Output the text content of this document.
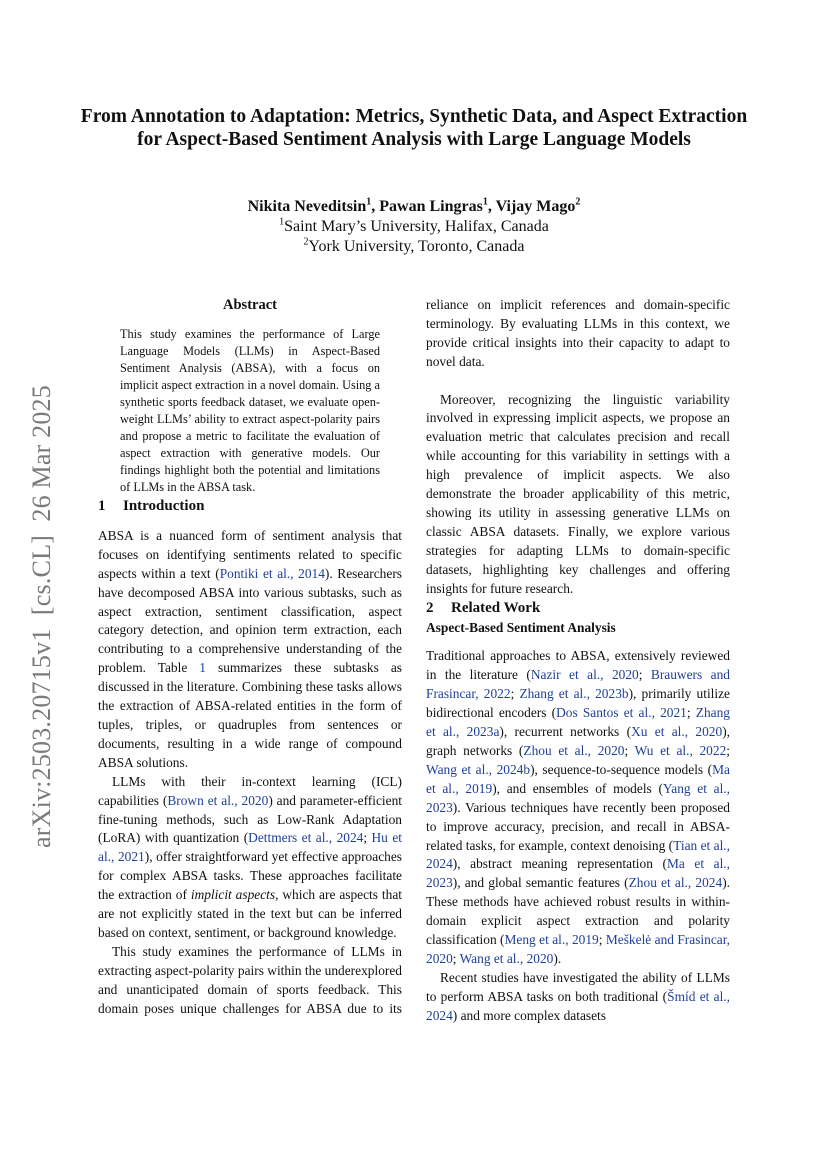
From Annotation to Adaptation: Metrics, Synthetic Data, and Aspect Extraction for Aspect-Based Sentiment Analysis with Large Language Models
Nikita Neveditsin$^1$, Pawan Lingras$^1$, Vijay Mago$^2$
$^1$Saint Mary’s University, Halifax, Canada
$^2$York University, Toronto, Canada
arXiv:2503.20715v1  [cs.CL]  26 Mar 2025
Abstract
This study examines the performance of Large Language Models (LLMs) in Aspect-Based Sentiment Analysis (ABSA), with a focus on implicit aspect extraction in a novel domain. Using a synthetic sports feedback dataset, we evaluate open-weight LLMs’ ability to extract aspect-polarity pairs and propose a metric to facilitate the evaluation of aspect extraction with generative models. Our findings highlight both the potential and limitations of LLMs in the ABSA task.
1 Introduction

ABSA is a nuanced form of sentiment analysis that focuses on identifying sentiments related to specific aspects within a text (Pontiki et al., 2014). Researchers have decomposed ABSA into various subtasks, such as aspect extraction, sentiment classification, aspect category detection, and opinion term extraction, each contributing to a comprehensive understanding of the problem. Table 1 summarizes these subtasks as discussed in the literature. Combining these tasks allows the extraction of ABSA-related entities in the form of tuples, triples, or quadruples from sentences or documents, resulting in a wide range of compound ABSA solutions.

LLMs with their in-context learning (ICL) capabilities (Brown et al., 2020) and parameter-efficient fine-tuning methods, such as Low-Rank Adaptation (LoRA) with quantization (Dettmers et al., 2024; Hu et al., 2021), offer straightforward yet effective approaches for complex ABSA tasks. These approaches facilitate the extraction of implicit aspects, which are aspects that are not explicitly stated in the text but can be inferred based on context, sentiment, or background knowledge.

This study examines the performance of LLMs in extracting aspect-polarity pairs within the underexplored and unanticipated domain of sports feedback. This domain poses unique challenges for ABSA due to its

reliance on implicit references and domain-specific terminology. By evaluating LLMs in this context, we provide critical insights into their capacity to adapt to novel data.

Moreover, recognizing the linguistic variability involved in expressing implicit aspects, we propose an evaluation metric that calculates precision and recall while accounting for this variability in settings with a high prevalence of implicit aspects. We also demonstrate the broader applicability of this metric, showing its utility in assessing generative LLMs on classic ABSA datasets. Finally, we explore various strategies for adapting LLMs to domain-specific datasets, highlighting key challenges and offering insights for future research.

2 Related Work
Aspect-Based Sentiment Analysis

Traditional approaches to ABSA, extensively reviewed in the literature (Nazir et al., 2020; Brauwers and Frasincar, 2022; Zhang et al., 2023b), primarily utilize bidirectional encoders (Dos Santos et al., 2021; Zhang et al., 2023a), recurrent networks (Xu et al., 2020), graph networks (Zhou et al., 2020; Wu et al., 2022; Wang et al., 2024b), sequence-to-sequence models (Ma et al., 2019), and ensembles of models (Yang et al., 2023). Various techniques have recently been proposed to improve accuracy, precision, and recall in ABSA-related tasks, for example, context denoising (Tian et al., 2024), abstract meaning representation (Ma et al., 2023), and global semantic features (Zhou et al., 2024). These methods have achieved robust results in within-domain explicit aspect extraction and polarity classification (Meng et al., 2019; Meškelė and Frasincar, 2020; Wang et al., 2020).

Recent studies have investigated the ability of LLMs to perform ABSA tasks on both traditional (Šmíd et al., 2024) and more complex datasets
